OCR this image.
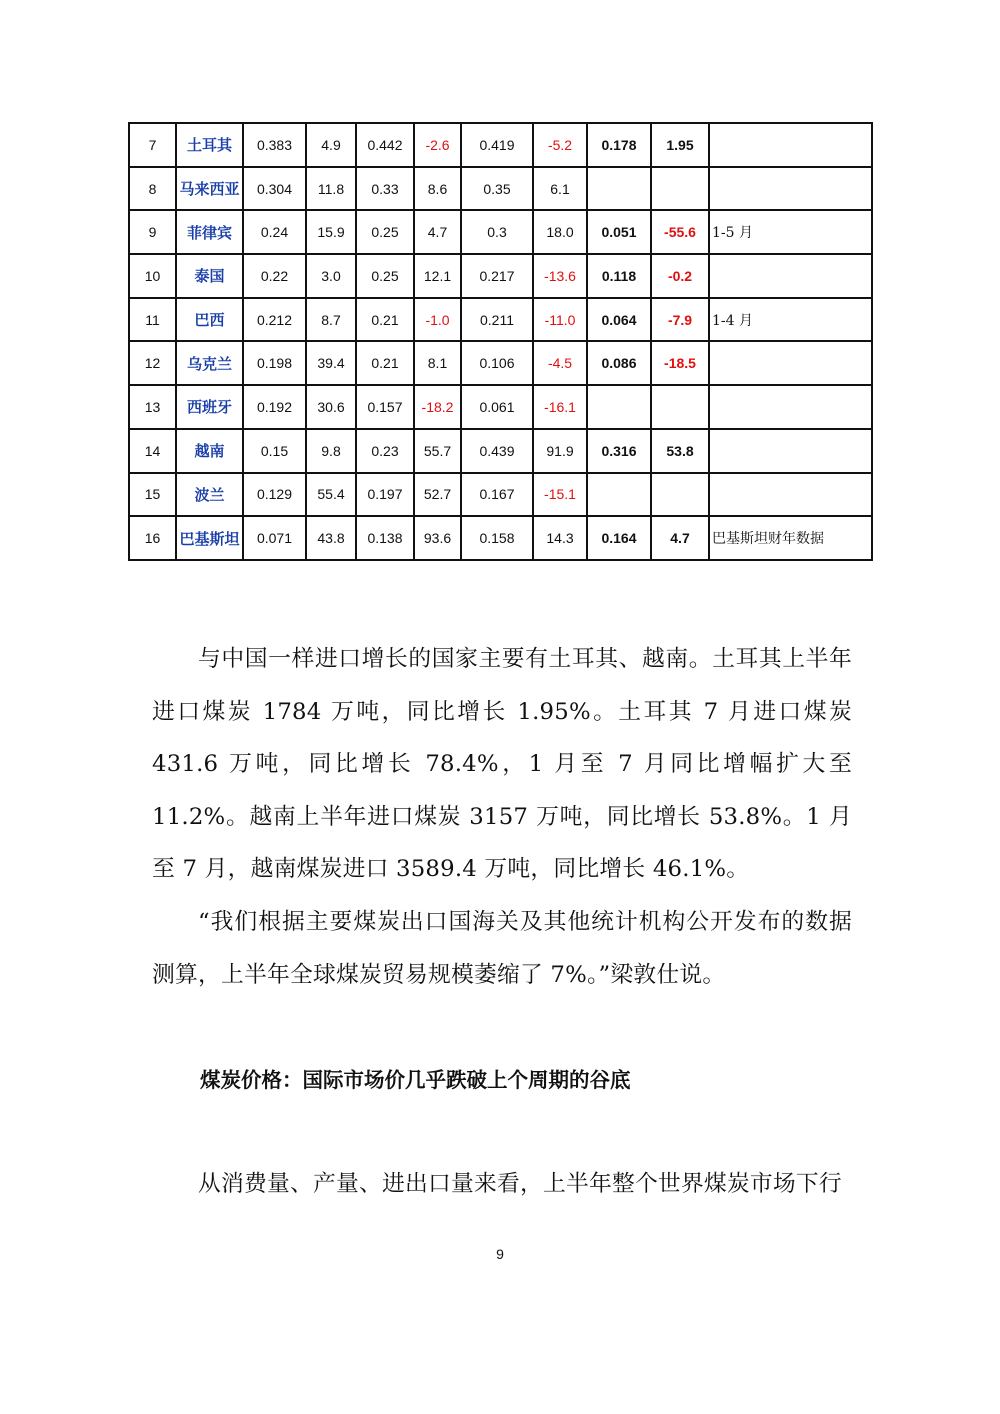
7	土耳其	0.383	4.9	0.442	-2.6	0.419	-5.2	0.178	1.95	
8	马来西亚	0.304	11.8	0.33	8.6	0.35	6.1			
9	菲律宾	0.24	15.9	0.25	4.7	0.3	18.0	0.051	-55.6	1-5 月
10	泰国	0.22	3.0	0.25	12.1	0.217	-13.6	0.118	-0.2	
11	巴西	0.212	8.7	0.21	-1.0	0.211	-11.0	0.064	-7.9	1-4 月
12	乌克兰	0.198	39.4	0.21	8.1	0.106	-4.5	0.086	-18.5	
13	西班牙	0.192	30.6	0.157	-18.2	0.061	-16.1			
14	越南	0.15	9.8	0.23	55.7	0.439	91.9	0.316	53.8	
15	波兰	0.129	55.4	0.197	52.7	0.167	-15.1			
16	巴基斯坦	0.071	43.8	0.138	93.6	0.158	14.3	0.164	4.7	巴基斯坦财年数据

与中国一样进口增长的国家主要有土耳其、越南。土耳其上半年进口煤炭 1784 万吨，同比增长 1.95%。土耳其 7 月进口煤炭 431.6 万吨，同比增长 78.4%，1 月至 7 月同比增幅扩大至 11.2%。越南上半年进口煤炭 3157 万吨，同比增长 53.8%。1 月至 7 月，越南煤炭进口 3589.4 万吨，同比增长 46.1%。

“我们根据主要煤炭出口国海关及其他统计机构公开发布的数据测算，上半年全球煤炭贸易规模萎缩了 7%。”梁敦仕说。

煤炭价格：国际市场价几乎跌破上个周期的谷底

从消费量、产量、进出口量来看，上半年整个世界煤炭市场下行

9
